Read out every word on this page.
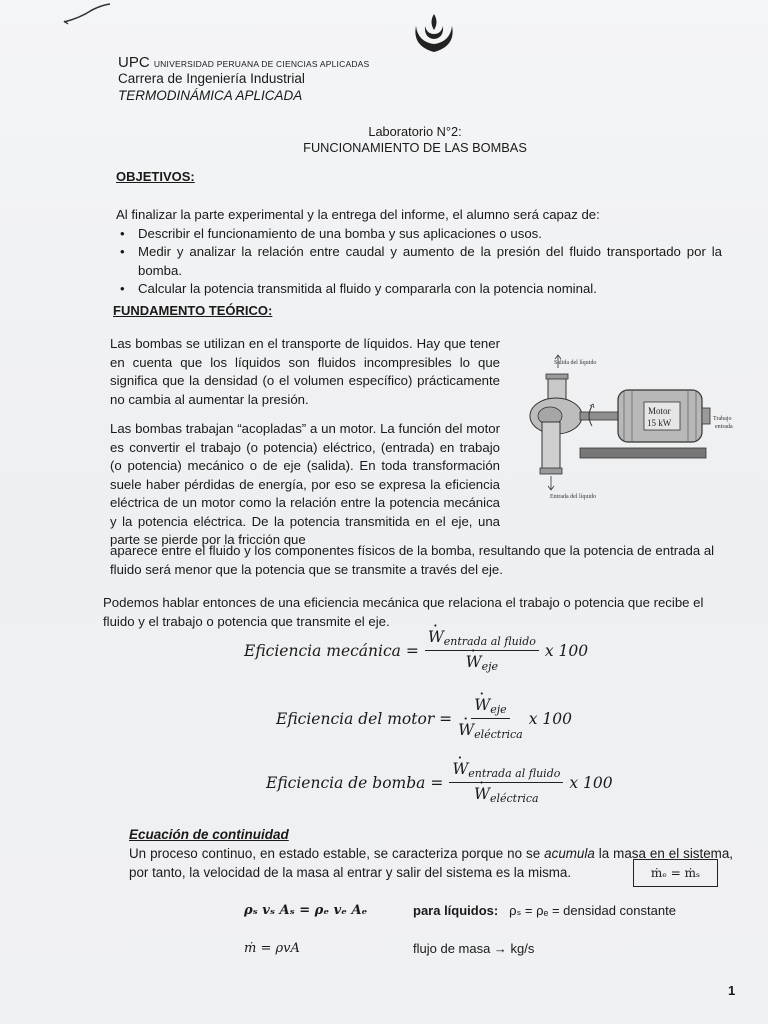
UPC UNIVERSIDAD PERUANA DE CIENCIAS APLICADAS
Carrera de Ingeniería Industrial
TERMODINÁMICA APLICADA
Laboratorio N°2:
FUNCIONAMIENTO DE LAS BOMBAS
OBJETIVOS:
Al finalizar la parte experimental y la entrega del informe, el alumno será capaz de:
• Describir el funcionamiento de una bomba y sus aplicaciones o usos.
• Medir y analizar la relación entre caudal y aumento de la presión del fluido transportado por la bomba.
• Calcular la potencia transmitida al fluido y compararla con la potencia nominal.
FUNDAMENTO TEÓRICO:
Las bombas se utilizan en el transporte de líquidos. Hay que tener en cuenta que los líquidos son fluidos incompresibles lo que significa que la densidad (o el volumen específico) prácticamente no cambia al aumentar la presión.
Las bombas trabajan “acopladas” a un motor. La función del motor es convertir el trabajo (o potencia) eléctrico, (entrada) en trabajo (o potencia) mecánico o de eje (salida). En toda transformación suele haber pérdidas de energía, por eso se expresa la eficiencia eléctrica de un motor como la relación entre la potencia mecánica y la potencia eléctrica. De la potencia transmitida en el eje, una parte se pierde por la fricción que
aparece entre el fluido y los componentes físicos de la bomba, resultando que la potencia de entrada al fluido será menor que la potencia que se transmite a través del eje.
Salida del líquido
Entrada del líquido
Motor
15 kW	Trabajo
entrada
Podemos hablar entonces de una eficiencia mecánica que relaciona el trabajo o potencia que recibe el fluido y el trabajo o potencia que transmite el eje.
Eficiencia mecánica = · $W_{entrada al fluido}$
· $W_{eje}$ x 100
Eficiencia del motor = · $W_{eje}$
· $W_{eléctrica}$ x 100
Eficiencia de bomba = · $W_{entrada al fluido}$
· $W_{eléctrica}$ x 100
Ecuación de continuidad
Un proceso continuo, en estado estable, se caracteriza porque no se acumula la masa en el sistema, por tanto, la velocidad de la masa al entrar y salir del sistema es la misma.	ṁₑ = ṁₛ
ρₛ vₛ Aₛ = ρₑ vₑ Aₑ	para líquidos: ρₛ = ρₑ = densidad constante
ṁ = ρvA	flujo de masa → kg/s
1
